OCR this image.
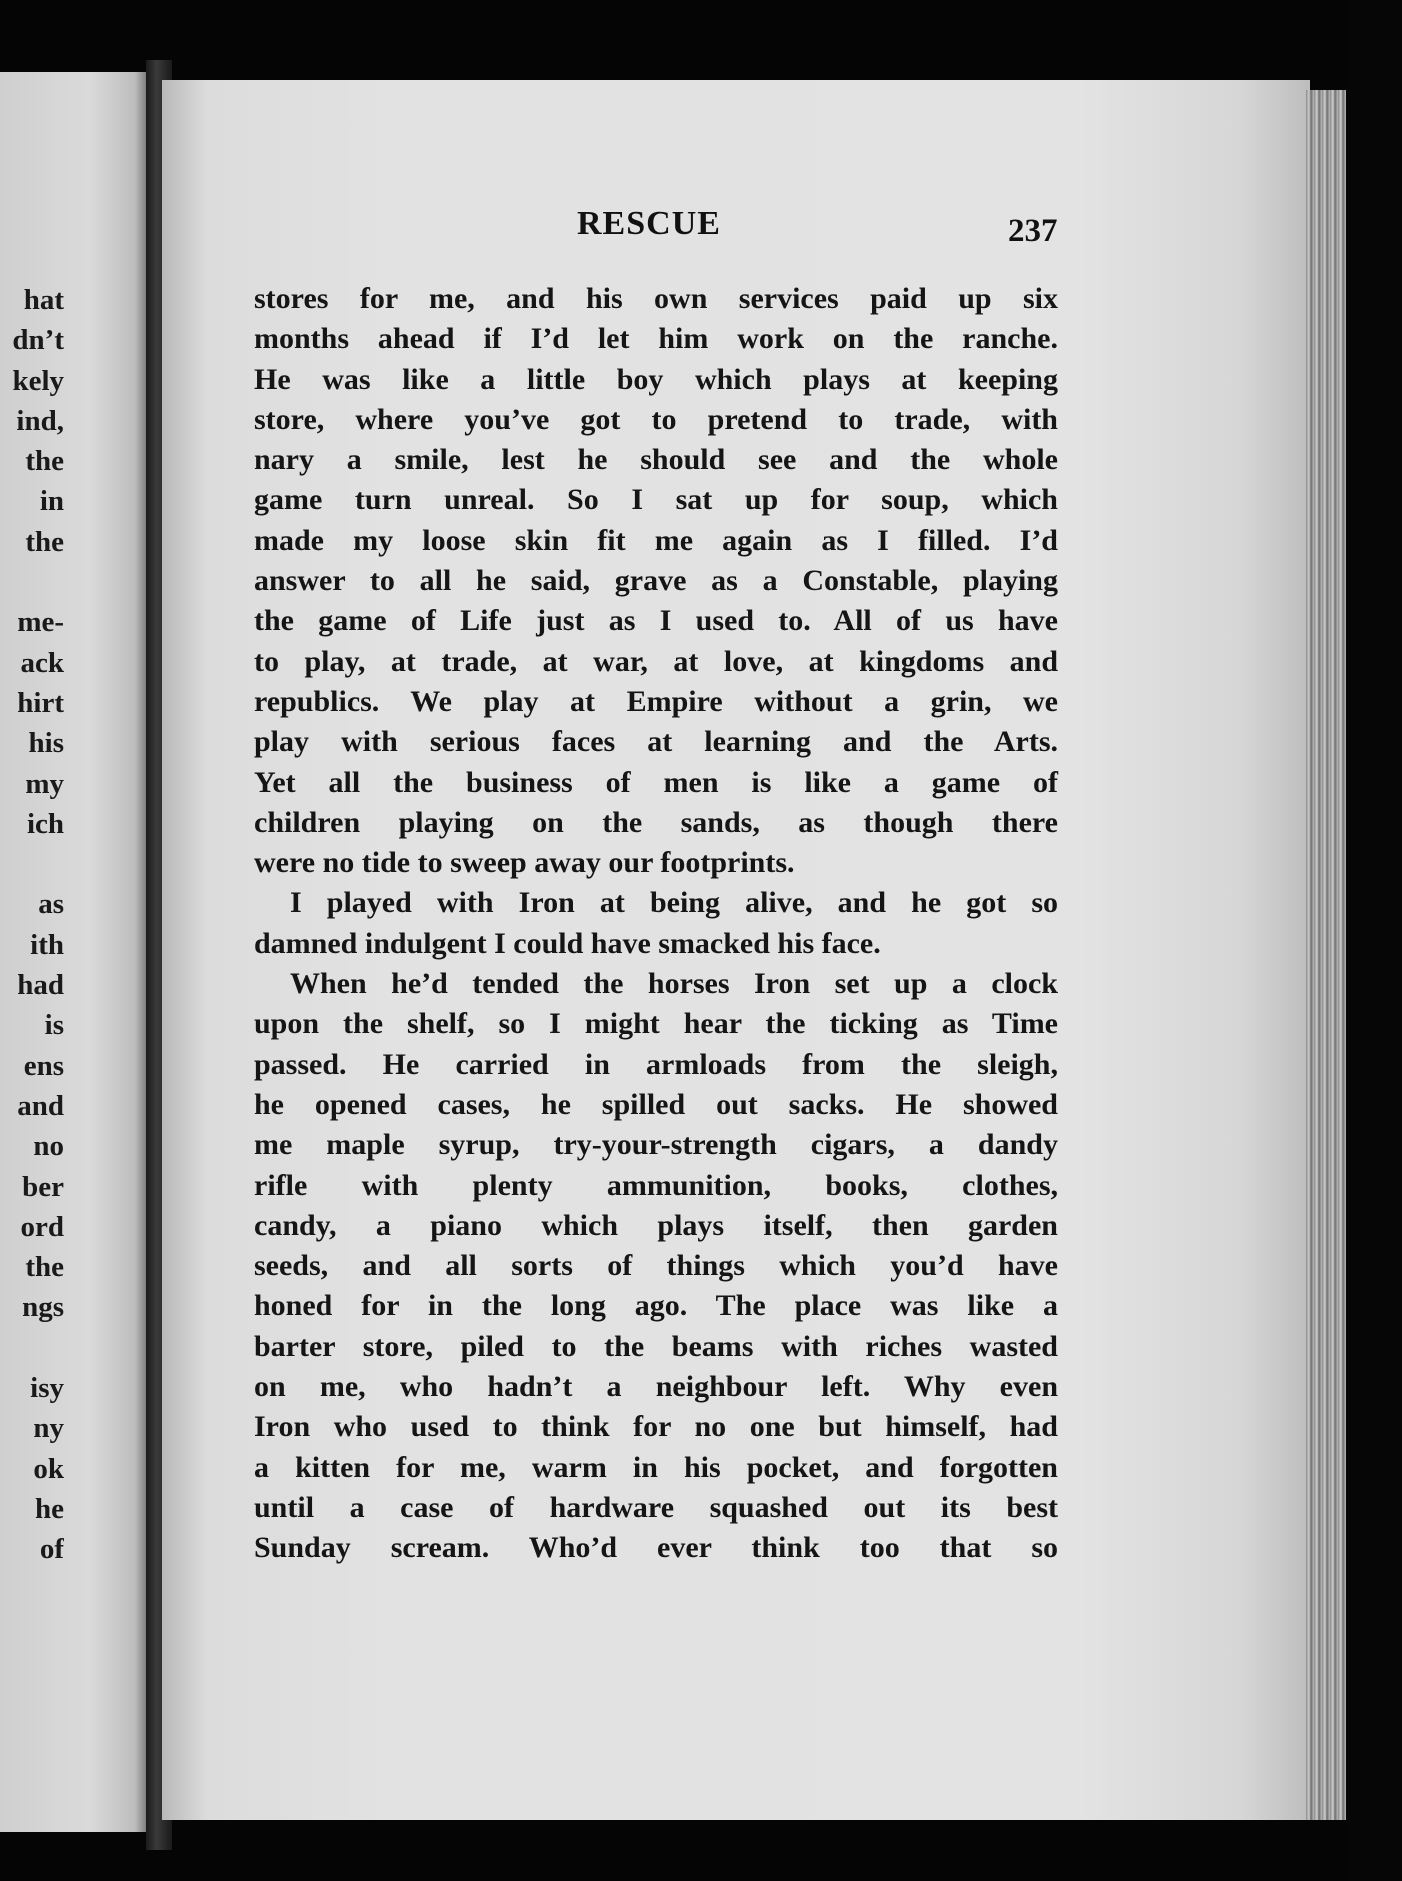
hat
dn’t
kely
ind,
the
in
the
me-
ack
hirt
his
my
ich
as
ith
had
is
ens
and
no
ber
ord
the
ngs
isy
ny
ok
he
of
RESCUE	237
stores for me, and his own services paid up six
months ahead if I’d let him work on the ranche.
He was like a little boy which plays at keeping
store, where you’ve got to pretend to trade, with
nary a smile, lest he should see and the whole
game turn unreal. So I sat up for soup, which
made my loose skin fit me again as I filled. I’d
answer to all he said, grave as a Constable, playing
the game of Life just as I used to. All of us have
to play, at trade, at war, at love, at kingdoms and
republics. We play at Empire without a grin, we
play with serious faces at learning and the Arts.
Yet all the business of men is like a game of
children playing on the sands, as though there
were no tide to sweep away our footprints.
I played with Iron at being alive, and he got so
damned indulgent I could have smacked his face.
When he’d tended the horses Iron set up a clock
upon the shelf, so I might hear the ticking as Time
passed. He carried in armloads from the sleigh,
he opened cases, he spilled out sacks. He showed
me maple syrup, try-your-strength cigars, a dandy
rifle with plenty ammunition, books, clothes,
candy, a piano which plays itself, then garden
seeds, and all sorts of things which you’d have
honed for in the long ago. The place was like a
barter store, piled to the beams with riches wasted
on me, who hadn’t a neighbour left. Why even
Iron who used to think for no one but himself, had
a kitten for me, warm in his pocket, and forgotten
until a case of hardware squashed out its best
Sunday scream. Who’d ever think too that so
